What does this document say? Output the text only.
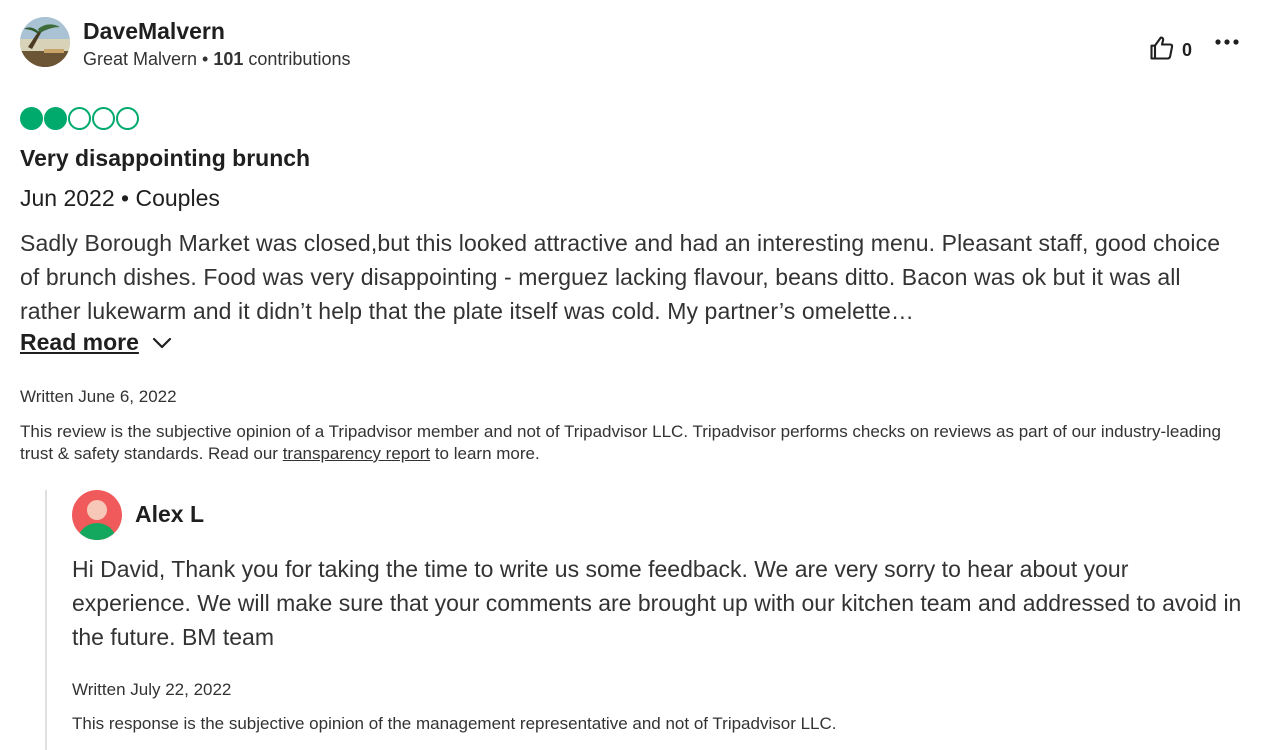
DaveMalvern
Great Malvern • 101 contributions	0
Very disappointing brunch
Jun 2022 • Couples
Sadly Borough Market was closed,but this looked attractive and had an interesting menu. Pleasant staff, good choice of brunch dishes. Food was very disappointing - merguez lacking flavour, beans ditto. Bacon was ok but it was all rather lukewarm and it didn’t help that the plate itself was cold. My partner’s omelette…
Read more
Written June 6, 2022
This review is the subjective opinion of a Tripadvisor member and not of Tripadvisor LLC. Tripadvisor performs checks on reviews as part of our industry-leading trust & safety standards. Read our transparency report to learn more.
Alex L
Hi David, Thank you for taking the time to write us some feedback. We are very sorry to hear about your experience. We will make sure that your comments are brought up with our kitchen team and addressed to avoid in the future. BM team
Written July 22, 2022
This response is the subjective opinion of the management representative and not of Tripadvisor LLC.
